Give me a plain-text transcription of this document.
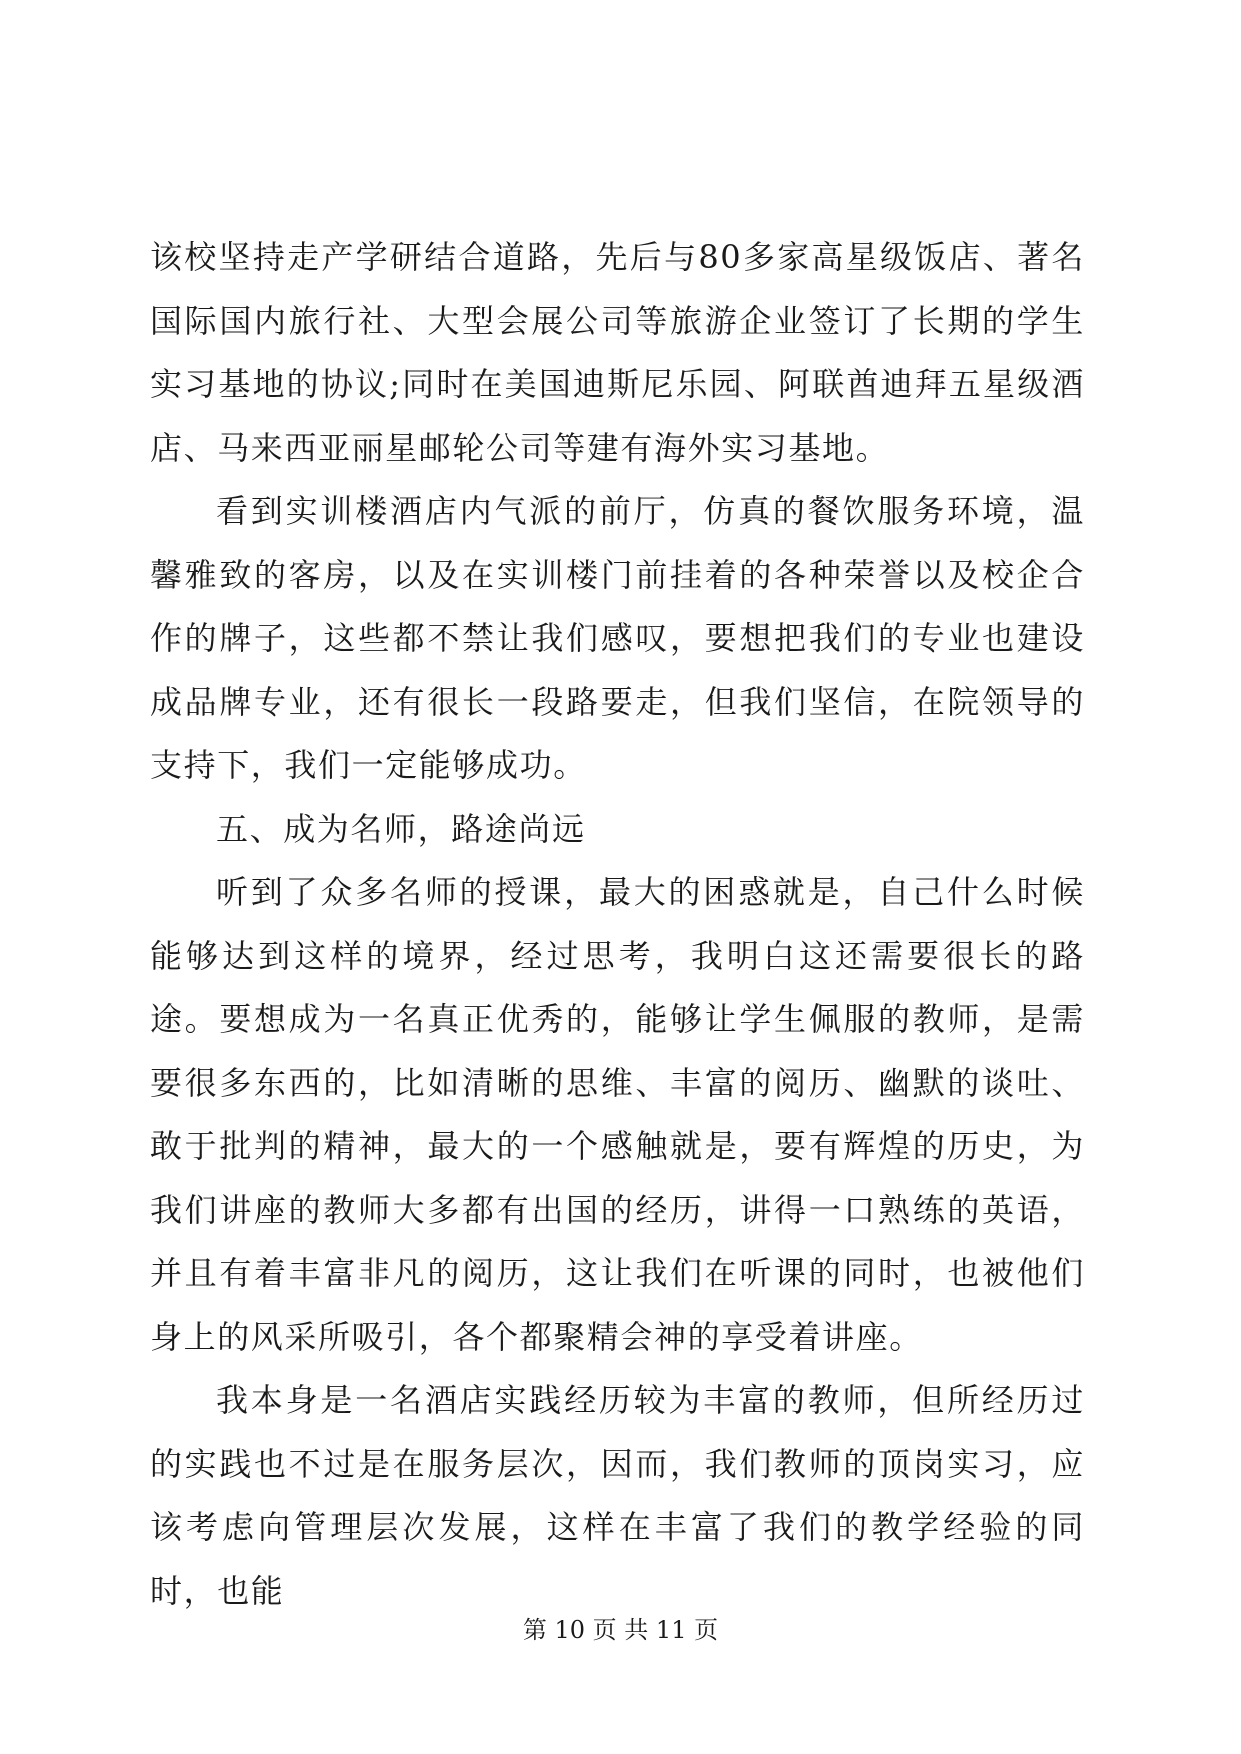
该校坚持走产学研结合道路，先后与80多家高星级饭店、著名国际国内旅行社、大型会展公司等旅游企业签订了长期的学生实习基地的协议;同时在美国迪斯尼乐园、阿联酋迪拜五星级酒店、马来西亚丽星邮轮公司等建有海外实习基地。

看到实训楼酒店内气派的前厅，仿真的餐饮服务环境，温馨雅致的客房，以及在实训楼门前挂着的各种荣誉以及校企合作的牌子，这些都不禁让我们感叹，要想把我们的专业也建设成品牌专业，还有很长一段路要走，但我们坚信，在院领导的支持下，我们一定能够成功。

五、成为名师，路途尚远

听到了众多名师的授课，最大的困惑就是，自己什么时候能够达到这样的境界，经过思考，我明白这还需要很长的路途。要想成为一名真正优秀的，能够让学生佩服的教师，是需要很多东西的，比如清晰的思维、丰富的阅历、幽默的谈吐、敢于批判的精神，最大的一个感触就是，要有辉煌的历史，为我们讲座的教师大多都有出国的经历，讲得一口熟练的英语，并且有着丰富非凡的阅历，这让我们在听课的同时，也被他们身上的风采所吸引，各个都聚精会神的享受着讲座。

我本身是一名酒店实践经历较为丰富的教师，但所经历过的实践也不过是在服务层次，因而，我们教师的顶岗实习，应该考虑向管理层次发展，这样在丰富了我们的教学经验的同时，也能

第 10 页 共 11 页
